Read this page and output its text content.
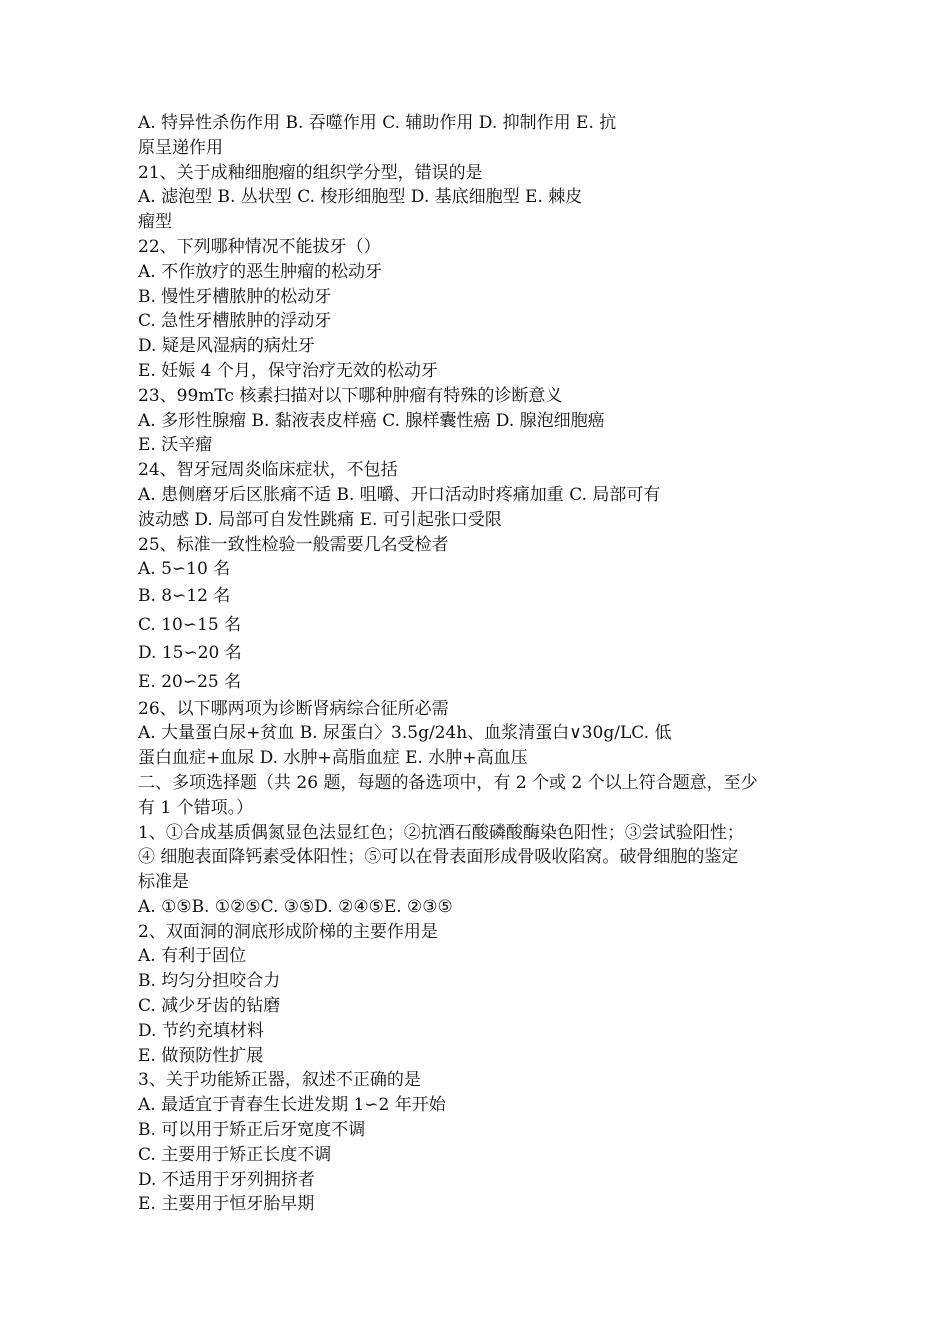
A. 特异性杀伤作用 B. 吞噬作用 C. 辅助作用 D. 抑制作用 E. 抗
原呈递作用
21、关于成釉细胞瘤的组织学分型，错误的是
A. 滤泡型 B. 丛状型 C. 梭形细胞型 D. 基底细胞型 E. 棘皮
瘤型
22、下列哪种情况不能拔牙（）
A. 不作放疗的恶生肿瘤的松动牙
B. 慢性牙槽脓肿的松动牙
C. 急性牙槽脓肿的浮动牙
D. 疑是风湿病的病灶牙
E. 妊娠 4 个月，保守治疗无效的松动牙
23、99mTc 核素扫描对以下哪种肿瘤有特殊的诊断意义
A. 多形性腺瘤 B. 黏液表皮样癌 C. 腺样囊性癌 D. 腺泡细胞癌
E. 沃辛瘤
24、智牙冠周炎临床症状，不包括
A. 患侧磨牙后区胀痛不适 B. 咀嚼、开口活动时疼痛加重 C. 局部可有
波动感 D. 局部可自发性跳痛 E. 可引起张口受限
25、标准一致性检验一般需要几名受检者
A. 5∽10 名
B. 8∽12 名
C. 10∽15 名
D. 15∽20 名
E. 20∽25 名
26、以下哪两项为诊断肾病综合征所必需
A. 大量蛋白尿+贫血 B. 尿蛋白〉3.5g/24h、血浆清蛋白∨30g/LC. 低
蛋白血症+血尿 D. 水肿+高脂血症 E. 水肿+高血压
二、多项选择题（共 26 题，每题的备选项中，有 2 个或 2 个以上符合题意，至少
有 1 个错项。）
1、①合成基质偶氮显色法显红色；②抗酒石酸磷酸酶染色阳性；③尝试验阳性；
④ 细胞表面降钙素受体阳性；⑤可以在骨表面形成骨吸收陷窝。破骨细胞的鉴定
标准是
A. ①⑤B. ①②⑤C. ③⑤D. ②④⑤E. ②③⑤
2、双面洞的洞底形成阶梯的主要作用是
A. 有利于固位
B. 均匀分担咬合力
C. 减少牙齿的钻磨
D. 节约充填材料
E. 做预防性扩展
3、关于功能矫正器，叙述不正确的是
A. 最适宜于青春生长进发期 1∽2 年开始
B. 可以用于矫正后牙宽度不调
C. 主要用于矫正长度不调
D. 不适用于牙列拥挤者
E. 主要用于恒牙胎早期
